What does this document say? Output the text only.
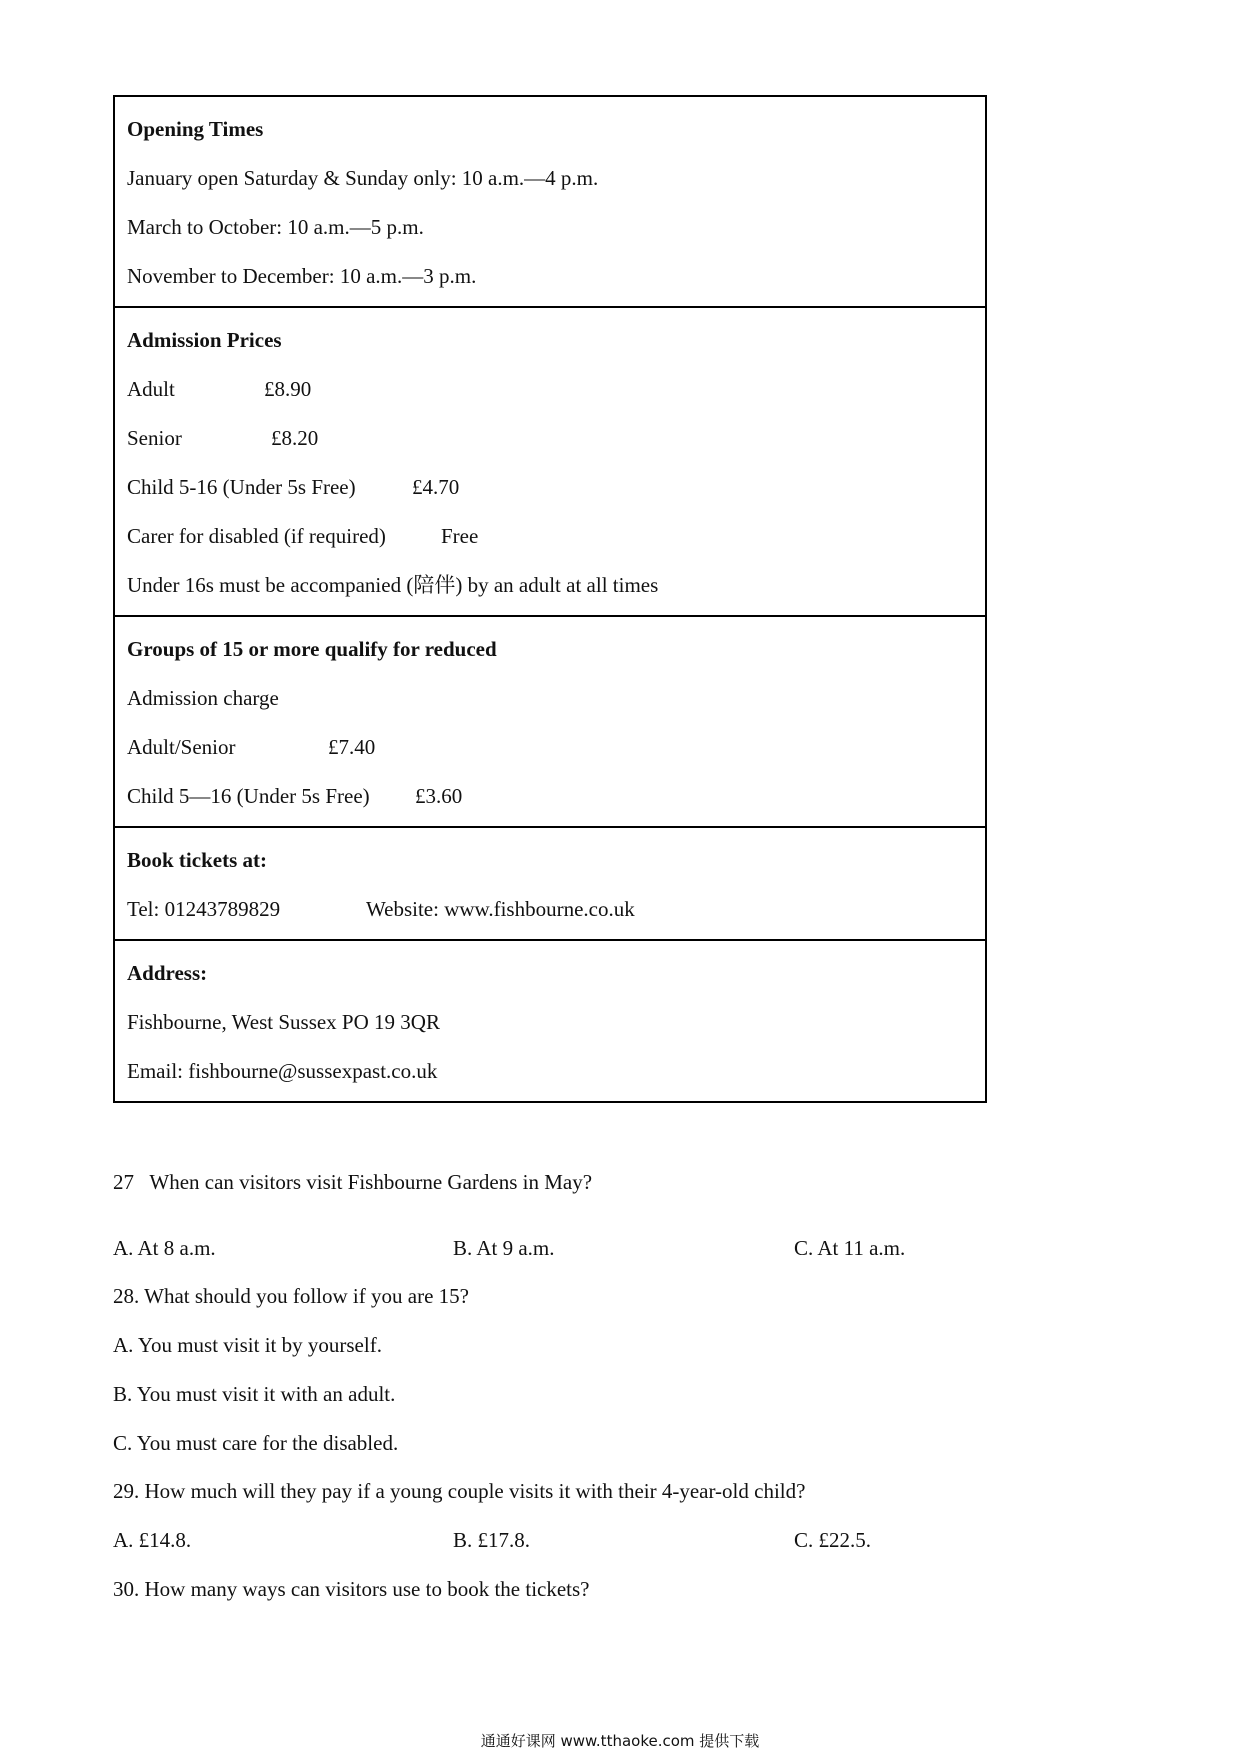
Opening Times
January open Saturday & Sunday only: 10 a.m.—4 p.m.
March to October: 10 a.m.—5 p.m.
November to December: 10 a.m.—3 p.m.
Admission Prices
Adult	£8.90
Senior	£8.20
Child 5-16 (Under 5s Free)	£4.70
Carer for disabled (if required)	Free
Under 16s must be accompanied (陪伴) by an adult at all times
Groups of 15 or more qualify for reduced
Admission charge
Adult/Senior	£7.40
Child 5—16 (Under 5s Free) £3.60
Book tickets at:
Tel: 01243789829	Website: www.fishbourne.co.uk
Address:
Fishbourne, West Sussex PO 19 3QR
Email: fishbourne@sussexpast.co.uk
27   When can visitors visit Fishbourne Gardens in May?
A. At 8 a.m.	B. At 9 a.m.	C. At 11 a.m.
28. What should you follow if you are 15?
A. You must visit it by yourself.
B. You must visit it with an adult.
C. You must care for the disabled.
29. How much will they pay if a young couple visits it with their 4-year-old child?
A. £14.8.	B. £17.8.	C. £22.5.
30. How many ways can visitors use to book the tickets?
通通好课网 www.tthaoke.com 提供下载
